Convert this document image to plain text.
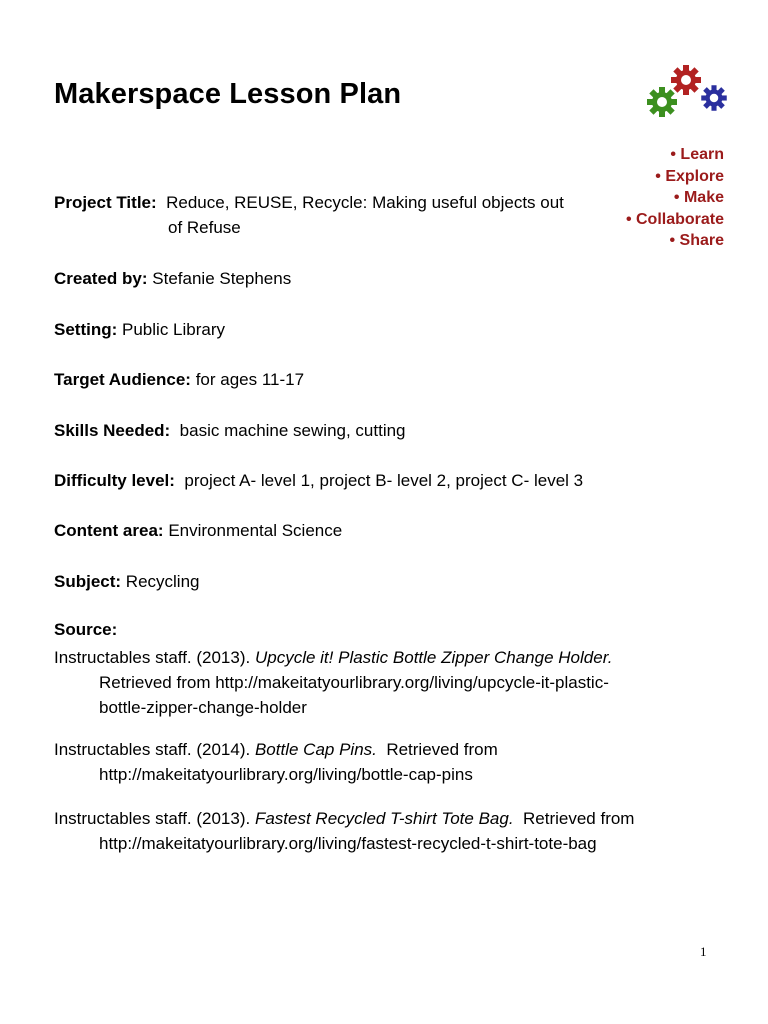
Makerspace Lesson Plan
• Learn
• Explore
• Make
• Collaborate
• Share

Project Title: Reduce, REUSE, Recycle: Making useful objects out
of Refuse

Created by: Stefanie Stephens

Setting: Public Library

Target Audience: for ages 11-17

Skills Needed: basic machine sewing, cutting

Difficulty level: project A- level 1, project B- level 2, project C- level 3

Content area: Environmental Science

Subject: Recycling

Source:
Instructables staff. (2013). Upcycle it! Plastic Bottle Zipper Change Holder.
Retrieved from http://makeitatyourlibrary.org/living/upcycle-it-plastic-
bottle-zipper-change-holder
Instructables staff. (2014). Bottle Cap Pins.  Retrieved from
http://makeitatyourlibrary.org/living/bottle-cap-pins
Instructables staff. (2013). Fastest Recycled T-shirt Tote Bag.  Retrieved from
http://makeitatyourlibrary.org/living/fastest-recycled-t-shirt-tote-bag
1
